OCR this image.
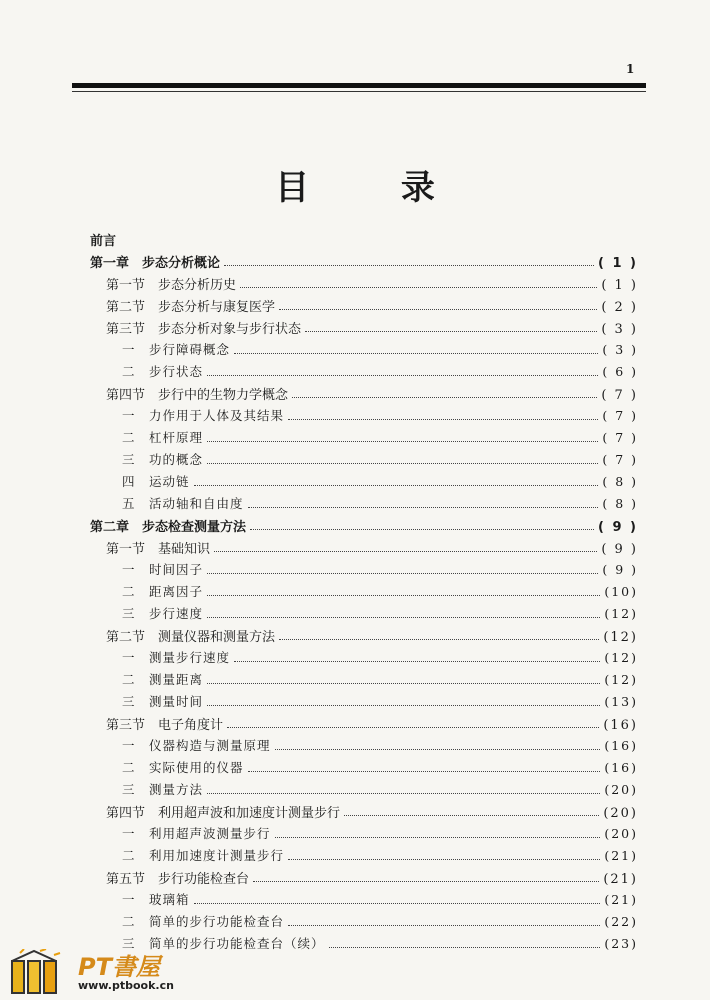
1
目 录
前言
第一章　步态分析概论	( 1 )
第一节　步态分析历史	( 1 )
第二节　步态分析与康复医学	( 2 )
第三节　步态分析对象与步行状态	( 3 )
一　步行障碍概念	( 3 )
二　步行状态	( 6 )
第四节　步行中的生物力学概念	( 7 )
一　力作用于人体及其结果	( 7 )
二　杠杆原理	( 7 )
三　功的概念	( 7 )
四　运动链	( 8 )
五　活动轴和自由度	( 8 )
第二章　步态检查测量方法	( 9 )
第一节　基础知识	( 9 )
一　时间因子	( 9 )
二　距离因子	(10)
三　步行速度	(12)
第二节　测量仪器和测量方法	(12)
一　测量步行速度	(12)
二　测量距离	(12)
三　测量时间	(13)
第三节　电子角度计	(16)
一　仪器构造与测量原理	(16)
二　实际使用的仪器	(16)
三　测量方法	(20)
第四节　利用超声波和加速度计测量步行	(20)
一　利用超声波测量步行	(20)
二　利用加速度计测量步行	(21)
第五节　步行功能检查台	(21)
一　玻璃箱	(21)
二　简单的步行功能检查台	(22)
三　简单的步行功能检查台（续）	(23)
PT書屋
www.ptbook.cn
